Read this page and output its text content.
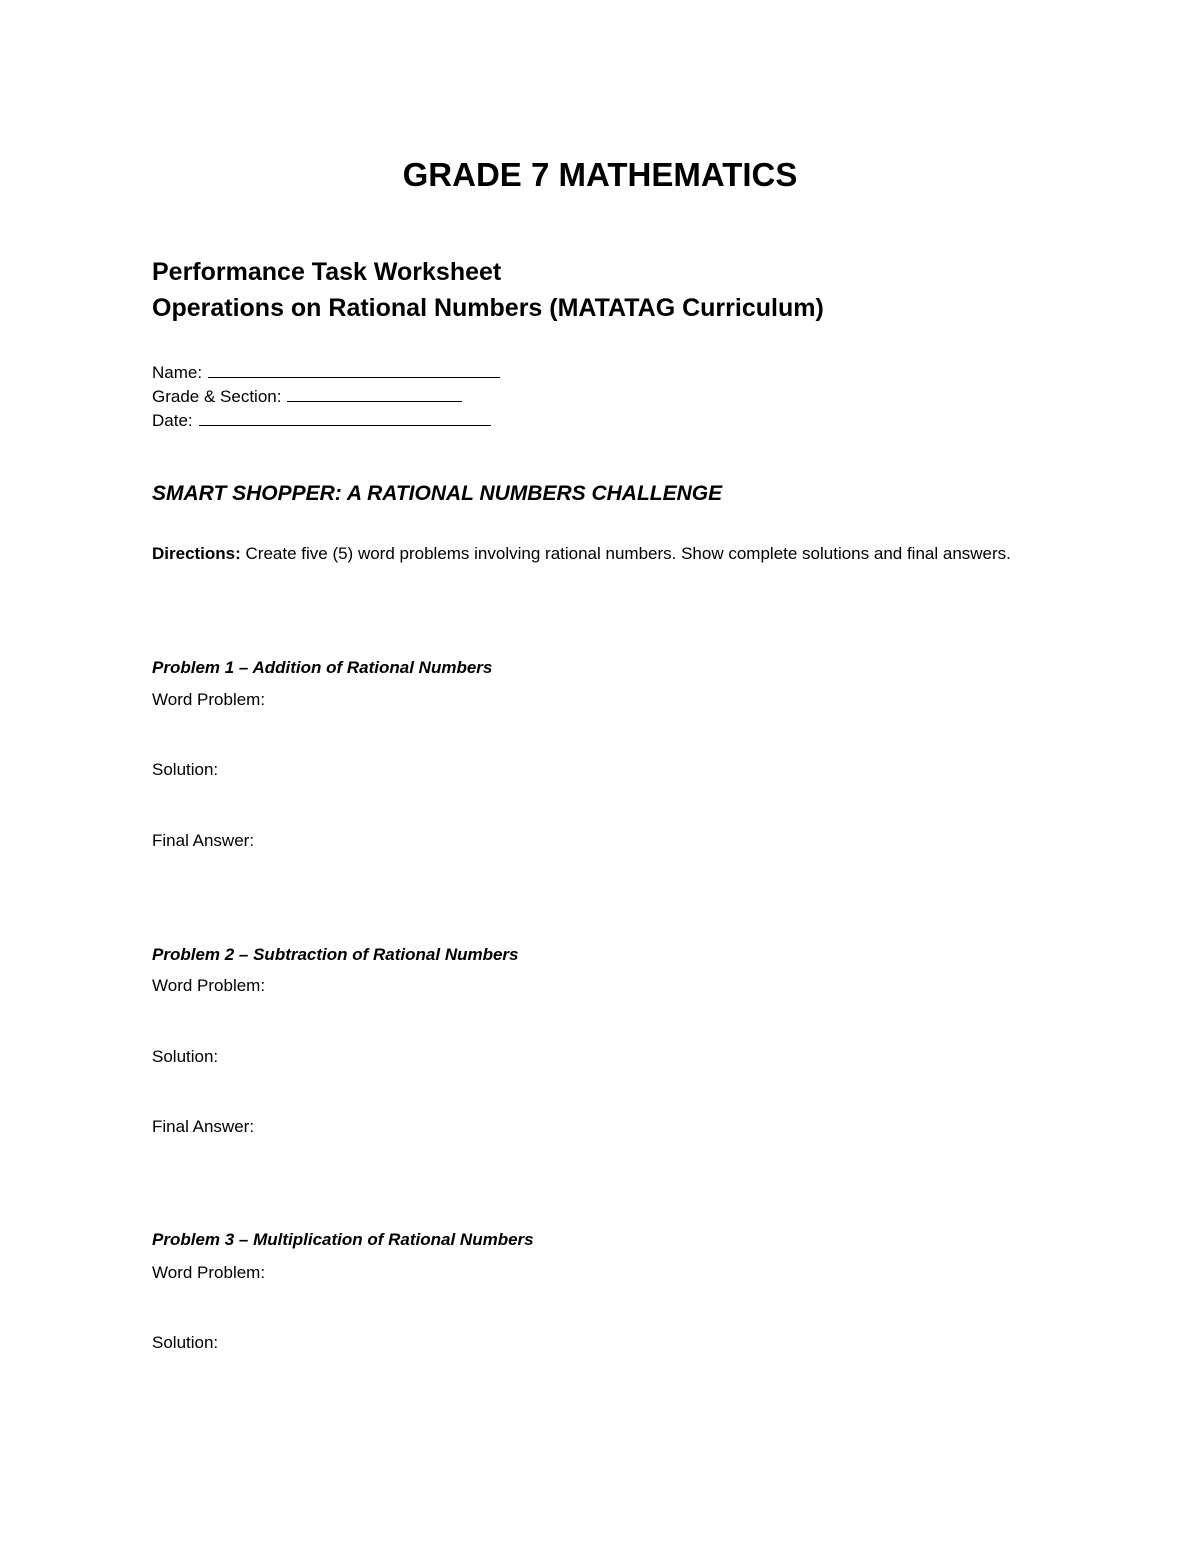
GRADE 7 MATHEMATICS
Performance Task Worksheet
Operations on Rational Numbers (MATATAG Curriculum)
Name:
Grade & Section:
Date:
SMART SHOPPER: A RATIONAL NUMBERS CHALLENGE
Directions: Create five (5) word problems involving rational numbers. Show complete solutions and final answers.
Problem 1 – Addition of Rational Numbers
Word Problem:
Solution:
Final Answer:
Problem 2 – Subtraction of Rational Numbers
Word Problem:
Solution:
Final Answer:
Problem 3 – Multiplication of Rational Numbers
Word Problem:
Solution:
